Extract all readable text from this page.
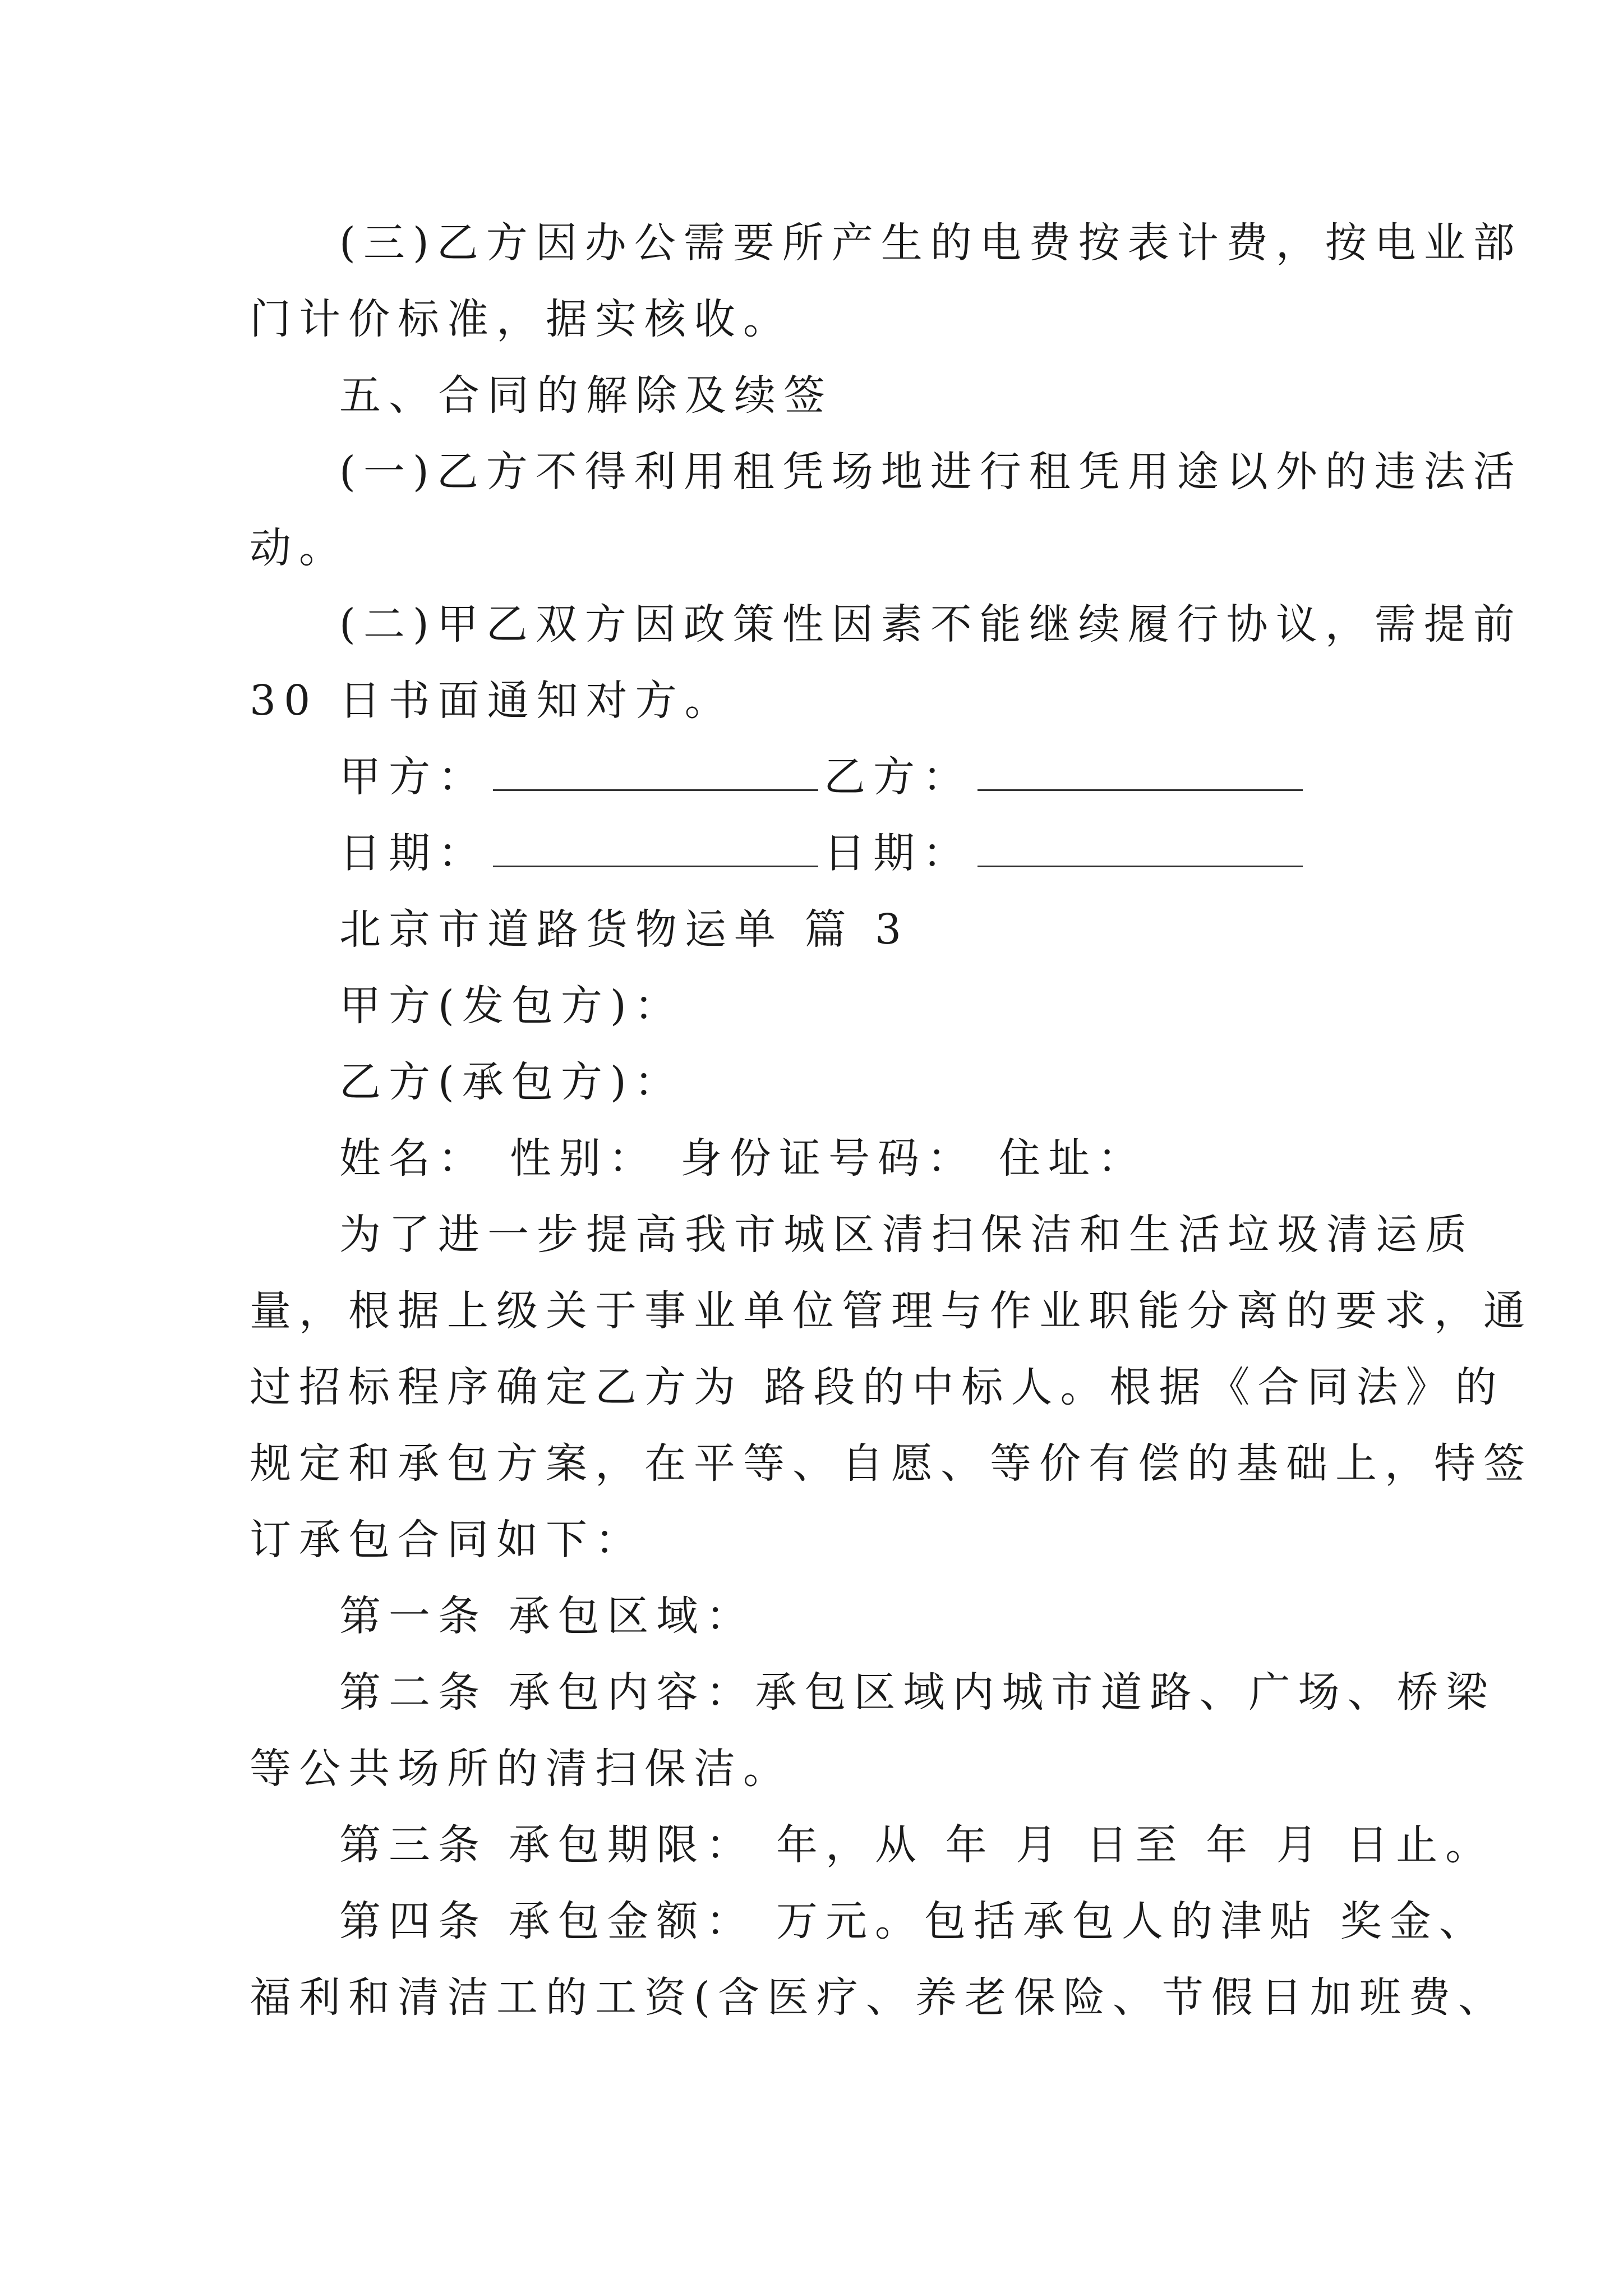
(三)乙方因办公需要所产生的电费按表计费，按电业部
门计价标准，据实核收。
五、合同的解除及续签
(一)乙方不得利用租凭场地进行租凭用途以外的违法活
动。
(二)甲乙双方因政策性因素不能继续履行协议，需提前
30 日书面通知对方。
甲方：	乙方：
日期：	日期：
北京市道路货物运单 篇 3
甲方(发包方)：
乙方(承包方)：
姓名： 性别： 身份证号码： 住址：
为了进一步提高我市城区清扫保洁和生活垃圾清运质
量，根据上级关于事业单位管理与作业职能分离的要求，通
过招标程序确定乙方为 路段的中标人。根据《合同法》的
规定和承包方案，在平等、自愿、等价有偿的基础上，特签
订承包合同如下：
第一条 承包区域：
第二条 承包内容：承包区域内城市道路、广场、桥梁
等公共场所的清扫保洁。
第三条 承包期限： 年，从 年 月 日至 年 月 日止。
第四条 承包金额： 万元。包括承包人的津贴 奖金、
福利和清洁工的工资(含医疗、养老保险、节假日加班费、
